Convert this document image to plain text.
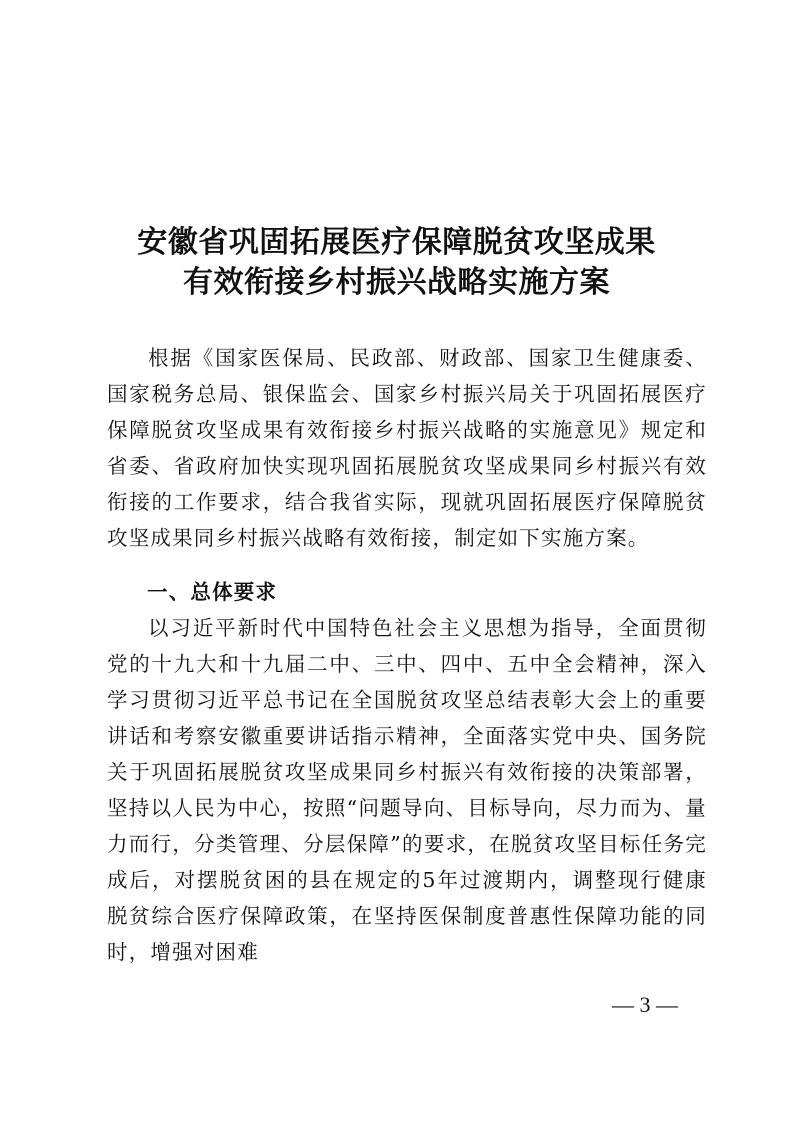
安徽省巩固拓展医疗保障脱贫攻坚成果
有效衔接乡村振兴战略实施方案

根据《国家医保局、民政部、财政部、国家卫生健康委、国家税务总局、银保监会、国家乡村振兴局关于巩固拓展医疗保障脱贫攻坚成果有效衔接乡村振兴战略的实施意见》规定和省委、省政府加快实现巩固拓展脱贫攻坚成果同乡村振兴有效衔接的工作要求，结合我省实际，现就巩固拓展医疗保障脱贫攻坚成果同乡村振兴战略有效衔接，制定如下实施方案。

一、总体要求

以习近平新时代中国特色社会主义思想为指导，全面贯彻党的十九大和十九届二中、三中、四中、五中全会精神，深入学习贯彻习近平总书记在全国脱贫攻坚总结表彰大会上的重要讲话和考察安徽重要讲话指示精神，全面落实党中央、国务院关于巩固拓展脱贫攻坚成果同乡村振兴有效衔接的决策部署，坚持以人民为中心，按照“问题导向、目标导向，尽力而为、量力而行，分类管理、分层保障”的要求，在脱贫攻坚目标任务完成后，对摆脱贫困的县在规定的5年过渡期内，调整现行健康脱贫综合医疗保障政策，在坚持医保制度普惠性保障功能的同时，增强对困难

— 3 —
